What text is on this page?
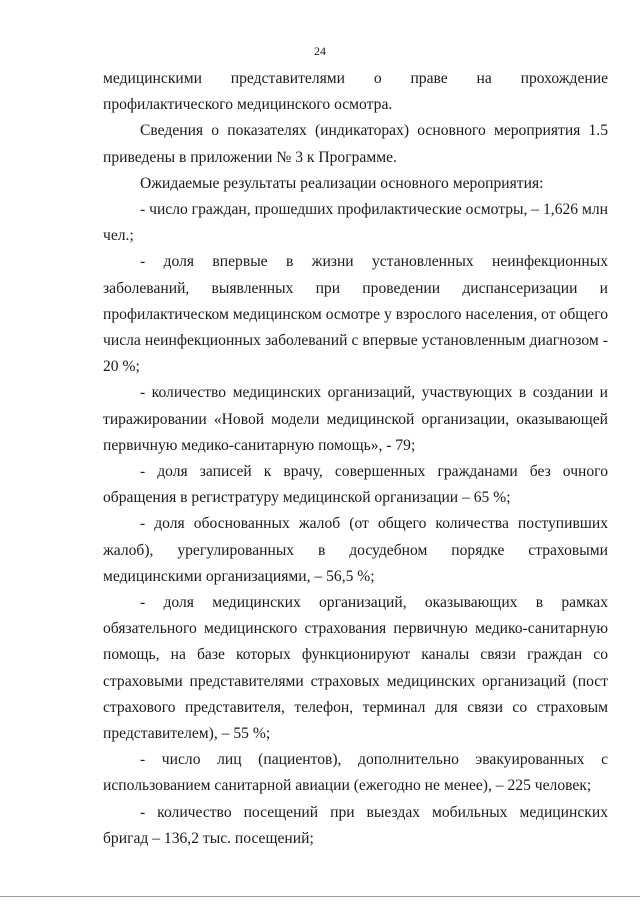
24

медицинскими представителями о праве на прохождение профилактического медицинского осмотра.

Сведения о показателях (индикаторах) основного мероприятия 1.5 приведены в приложении № 3 к Программе.

Ожидаемые результаты реализации основного мероприятия:

- число граждан, прошедших профилактические осмотры, – 1,626 млн чел.;

- доля впервые в жизни установленных неинфекционных заболеваний, выявленных при проведении диспансеризации и профилактическом медицинском осмотре у взрослого населения, от общего числа неинфекционных заболеваний с впервые установленным диагнозом - 20 %;

- количество медицинских организаций, участвующих в создании и тиражировании «Новой модели медицинской организации, оказывающей первичную медико-санитарную помощь», - 79;

- доля записей к врачу, совершенных гражданами без очного обращения в регистратуру медицинской организации – 65 %;

- доля обоснованных жалоб (от общего количества поступивших жалоб), урегулированных в досудебном порядке страховыми медицинскими организациями, – 56,5 %;

- доля медицинских организаций, оказывающих в рамках обязательного медицинского страхования первичную медико-санитарную помощь, на базе которых функционируют каналы связи граждан со страховыми представителями страховых медицинских организаций (пост страхового представителя, телефон, терминал для связи со страховым представителем), – 55 %;

- число лиц (пациентов), дополнительно эвакуированных с использованием санитарной авиации (ежегодно не менее), – 225 человек;

- количество посещений при выездах мобильных медицинских бригад – 136,2 тыс. посещений;
